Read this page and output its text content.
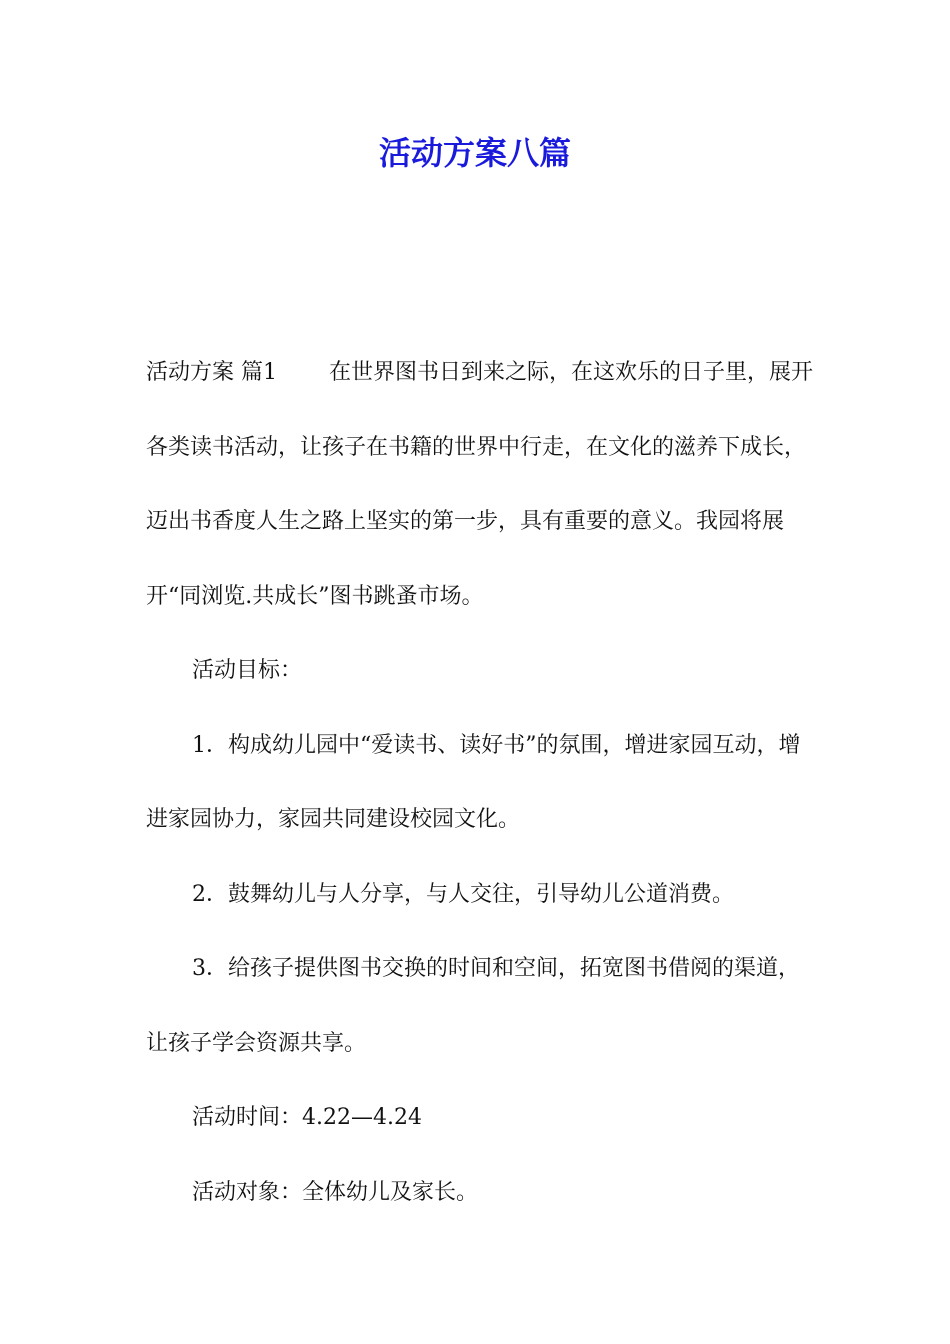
活动方案八篇

活动方案 篇1 在世界图书日到来之际，在这欢乐的日子里，展开各类读书活动，让孩子在书籍的世界中行走，在文化的滋养下成长，迈出书香度人生之路上坚实的第一步，具有重要的意义。我园将展开“同浏览.共成长”图书跳蚤市场。

活动目标：

1．构成幼儿园中“爱读书、读好书”的氛围，增进家园互动，增进家园协力，家园共同建设校园文化。

2．鼓舞幼儿与人分享，与人交往，引导幼儿公道消费。

3．给孩子提供图书交换的时间和空间，拓宽图书借阅的渠道，让孩子学会资源共享。

活动时间：4.22—4.24

活动对象：全体幼儿及家长。
